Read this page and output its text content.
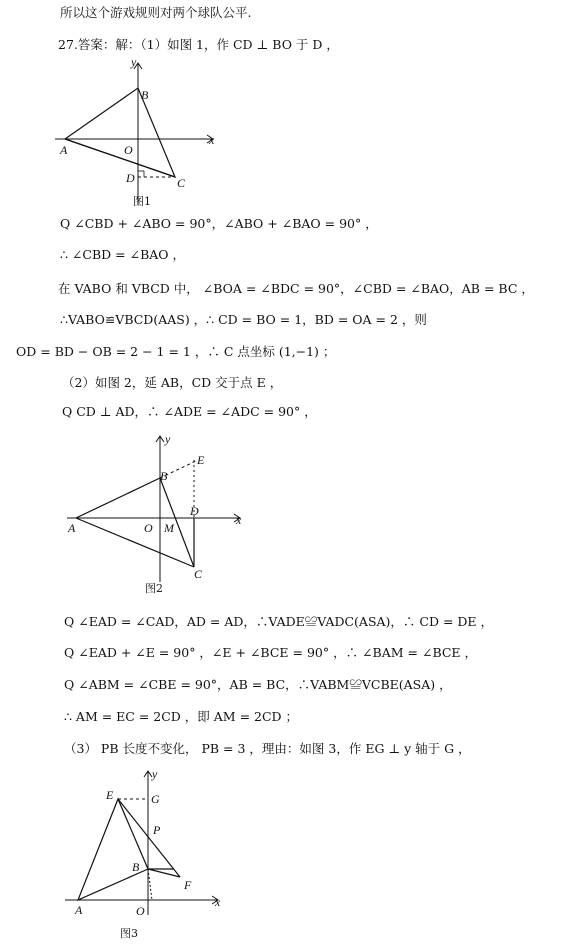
所以这个游戏规则对两个球队公平.
27.答案：解：（1）如图 1，作 CD ⊥ BO 于 D ，
y
x
A
B
O
D	C
图1
Q ∠CBD + ∠ABO = 90°，∠ABO + ∠BAO = 90° ，
∴ ∠CBD = ∠BAO ，
在 VABO 和 VBCD 中， ∠BOA = ∠BDC = 90°，∠CBD = ∠BAO，AB = BC ，
∴VABO≌VBCD(AAS) ，∴ CD = BO = 1，BD = OA = 2 ，则
OD = BD − OB = 2 − 1 = 1 ，∴ C 点坐标 (1,−1) ；
（2）如图 2，延 AB，CD 交于点 E ，
Q CD ⊥ AD，∴ ∠ADE = ∠ADC = 90° ，
y
x
A
B
O M
D
E
C
图2
Q ∠EAD = ∠CAD，AD = AD，∴VADE≌VADC(ASA)，∴ CD = DE ，
Q ∠EAD + ∠E = 90° ，∠E + ∠BCE = 90° ，∴ ∠BAM = ∠BCE ，
Q ∠ABM = ∠CBE = 90°，AB = BC，∴VABM≌VCBE(ASA) ，
∴ AM = EC = 2CD ，即 AM = 2CD ；
（3） PB 长度不变化， PB = 3 ，理由：如图 3，作 EG ⊥ y 轴于 G ，
y
x
A
B
O
E	G
P
F
图3
